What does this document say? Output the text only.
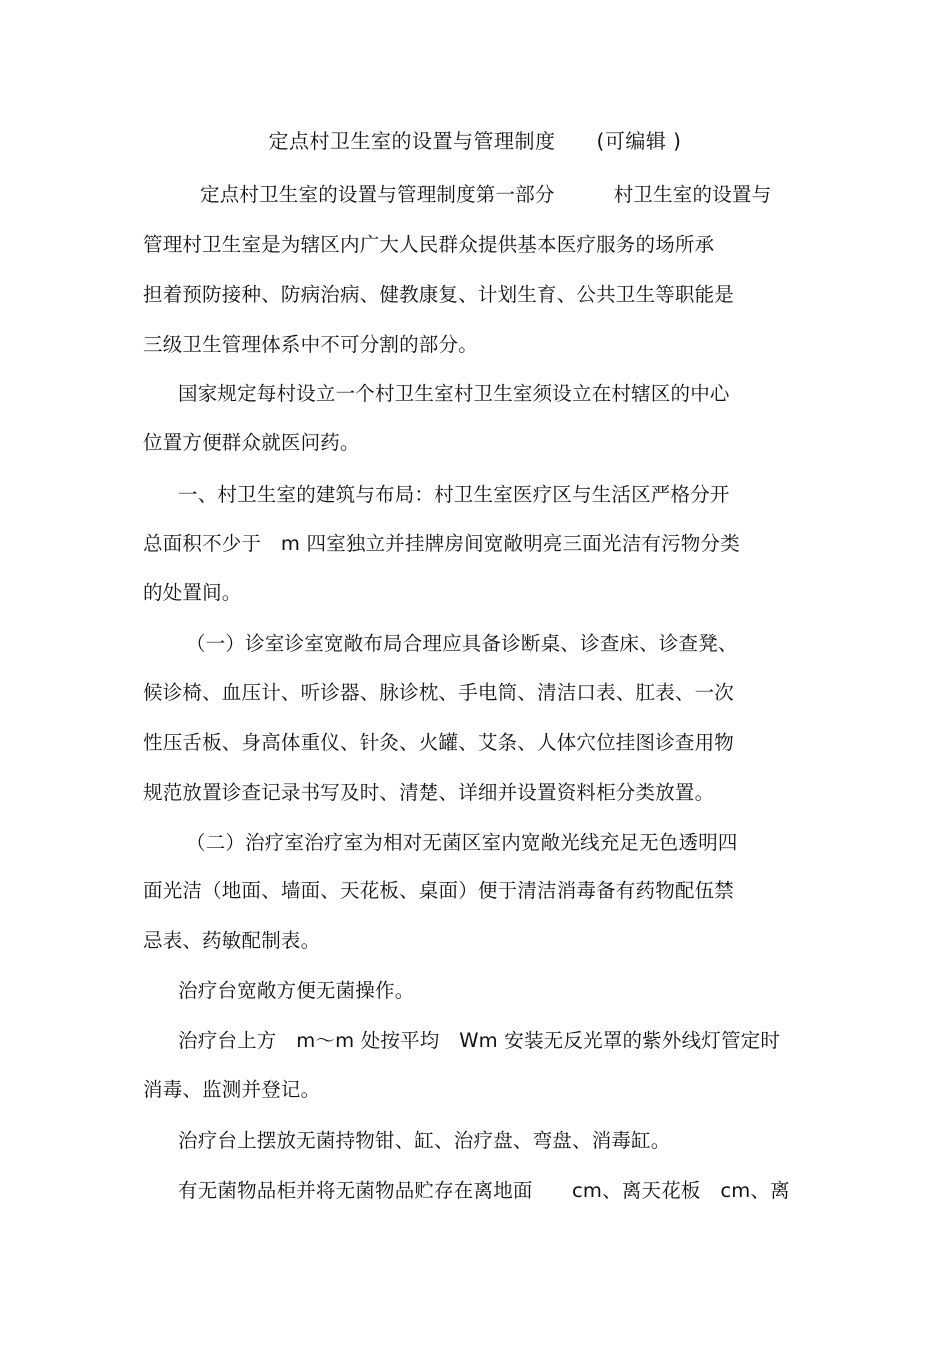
定点村卫生室的设置与管理制度　　(可编辑 )
定点村卫生室的设置与管理制度第一部分　　　村卫生室的设置与
管理村卫生室是为辖区内广大人民群众提供基本医疗服务的场所承
担着预防接种、防病治病、健教康复、计划生育、公共卫生等职能是
三级卫生管理体系中不可分割的部分。
国家规定每村设立一个村卫生室村卫生室须设立在村辖区的中心
位置方便群众就医问药。
一、村卫生室的建筑与布局：村卫生室医疗区与生活区严格分开
总面积不少于　m 四室独立并挂牌房间宽敞明亮三面光洁有污物分类
的处置间。
（一）诊室诊室宽敞布局合理应具备诊断桌、诊查床、诊查凳、
候诊椅、血压计、听诊器、脉诊枕、手电筒、清洁口表、肛表、一次
性压舌板、身高体重仪、针灸、火罐、艾条、人体穴位挂图诊查用物
规范放置诊查记录书写及时、清楚、详细并设置资料柜分类放置。
（二）治疗室治疗室为相对无菌区室内宽敞光线充足无色透明四
面光洁（地面、墙面、天花板、桌面）便于清洁消毒备有药物配伍禁
忌表、药敏配制表。
治疗台宽敞方便无菌操作。
治疗台上方　m～m 处按平均　Wm 安装无反光罩的紫外线灯管定时
消毒、监测并登记。
治疗台上摆放无菌持物钳、缸、治疗盘、弯盘、消毒缸。
有无菌物品柜并将无菌物品贮存在离地面　　cm、离天花板　cm、离
